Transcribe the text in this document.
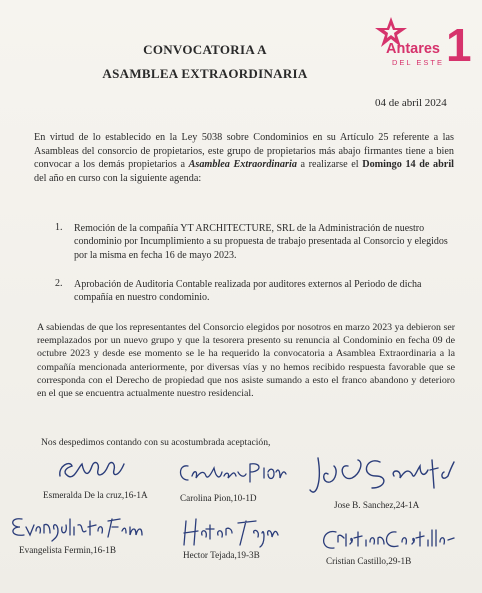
CONVOCATORIA A
ASAMBLEA EXTRAORDINARIA
Antares
DEL ESTE 1
04 de abril 2024
En virtud de lo establecido en la Ley 5038 sobre Condominios en su Artículo 25 referente a las Asambleas del consorcio de propietarios, este grupo de propietarios más abajo firmantes tiene a bien convocar a los demás propietarios a Asamblea Extraordinaria a realizarse el Domingo 14 de abril del año en curso con la siguiente agenda:
1. Remoción de la compañía YT ARCHITECTURE, SRL de la Administración de nuestro condominio por Incumplimiento a su propuesta de trabajo presentada al Consorcio y elegidos por la misma en fecha 16 de mayo 2023.
2. Aprobación de Auditoria Contable realizada por auditores externos al Periodo de dicha compañía en nuestro condominio.
A sabiendas de que los representantes del Consorcio elegidos por nosotros en marzo 2023 ya debieron ser reemplazados por un nuevo grupo y que la tesorera presento su renuncia al Condominio en fecha 09 de octubre 2023 y desde ese momento se le ha requerido la convocatoria a Asamblea Extraordinaria a la compañía mencionada anteriormente, por diversas vías y no hemos recibido respuesta favorable que se corresponda con el Derecho de propiedad que nos asiste sumando a esto el franco abandono y deterioro en el que se encuentra actualmente nuestro residencial.
Nos despedimos contando con su acostumbrada aceptación,
Esmeralda De la cruz,16-1A	Carolina Pion,10-1D
Jose B. Sanchez,24-1A
Evangelista Fermin,16-1B	Hector Tejada,19-3B
Cristian Castillo,29-1B
